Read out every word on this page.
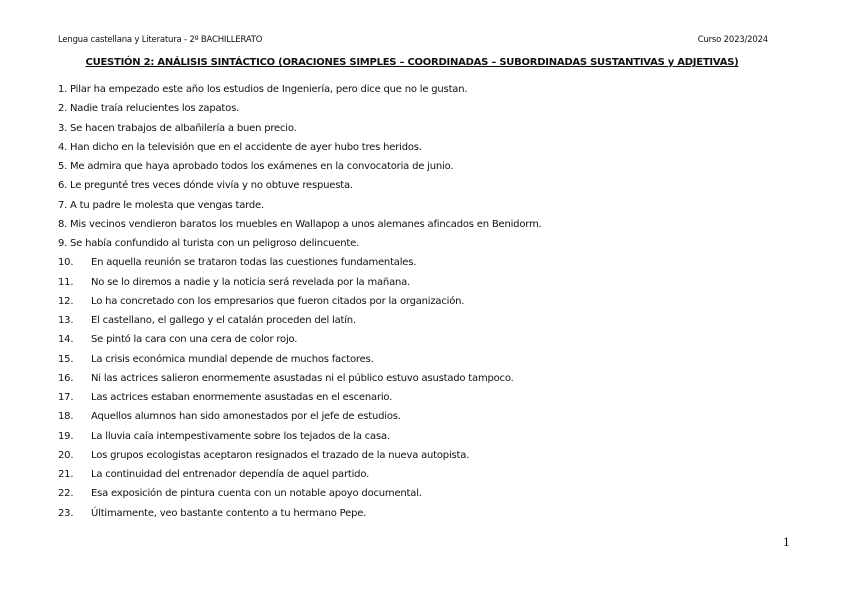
Lengua castellana y Literatura - 2º BACHILLERATO	Curso 2023/2024
CUESTIÓN 2: ANÁLISIS SINTÁCTICO (ORACIONES SIMPLES – COORDINADAS – SUBORDINADAS SUSTANTIVAS y ADJETIVAS)
1. Pilar ha empezado este año los estudios de Ingeniería, pero dice que no le gustan.
2. Nadie traía relucientes los zapatos.
3. Se hacen trabajos de albañilería a buen precio.
4. Han dicho en la televisión que en el accidente de ayer hubo tres heridos.
5. Me admira que haya aprobado todos los exámenes en la convocatoria de junio.
6. Le pregunté tres veces dónde vivía y no obtuve respuesta.
7. A tu padre le molesta que vengas tarde.
8. Mis vecinos vendieron baratos los muebles en Wallapop a unos alemanes afincados en Benidorm.
9. Se había confundido al turista con un peligroso delincuente.
10. En aquella reunión se trataron todas las cuestiones fundamentales.
11. No se lo diremos a nadie y la noticia será revelada por la mañana.
12. Lo ha concretado con los empresarios que fueron citados por la organización.
13. El castellano, el gallego y el catalán proceden del latín.
14. Se pintó la cara con una cera de color rojo.
15. La crisis económica mundial depende de muchos factores.
16. Ni las actrices salieron enormemente asustadas ni el público estuvo asustado tampoco.
17. Las actrices estaban enormemente asustadas en el escenario.
18. Aquellos alumnos han sido amonestados por el jefe de estudios.
19. La lluvia caía intempestivamente sobre los tejados de la casa.
20. Los grupos ecologistas aceptaron resignados el trazado de la nueva autopista.
21. La continuidad del entrenador dependía de aquel partido.
22. Esa exposición de pintura cuenta con un notable apoyo documental.
23. Últimamente, veo bastante contento a tu hermano Pepe.
1
